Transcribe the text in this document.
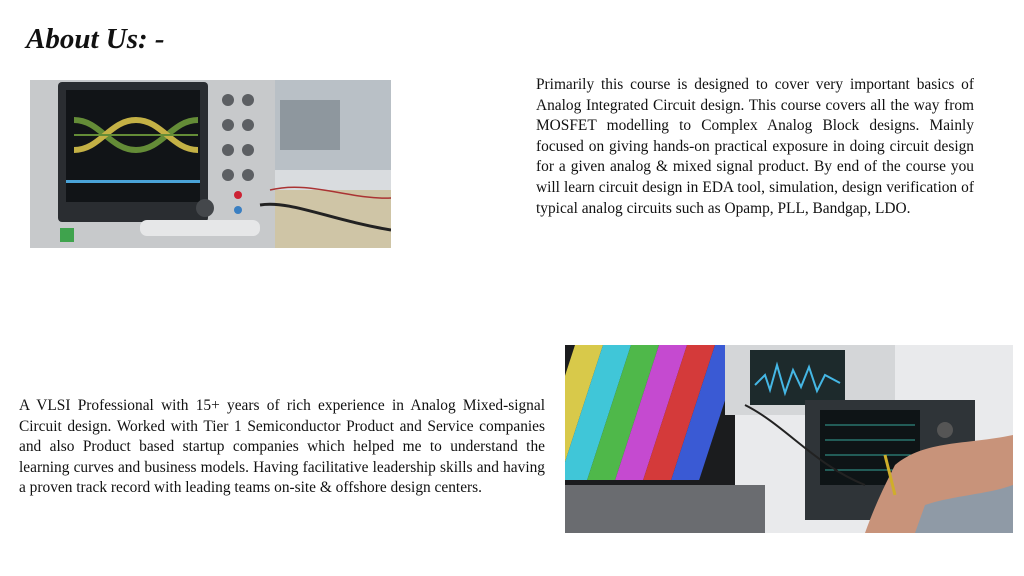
About Us: -

Primarily this course is designed to cover very important basics of Analog Integrated Circuit design. This course covers all the way from MOSFET modelling to Complex Analog Block designs. Mainly focused on giving hands-on practical exposure in doing circuit design for a given analog & mixed signal product. By end of the course you will learn circuit design in EDA tool, simulation, design verification of typical analog circuits such as Opamp, PLL, Bandgap, LDO.

A VLSI Professional with 15+ years of rich experience in Analog Mixed-signal Circuit design. Worked with Tier 1 Semiconductor Product and Service companies and also Product based startup companies which helped me to understand the learning curves and business models. Having facilitative leadership skills and having a proven track record with leading teams on-site & offshore design centers.
